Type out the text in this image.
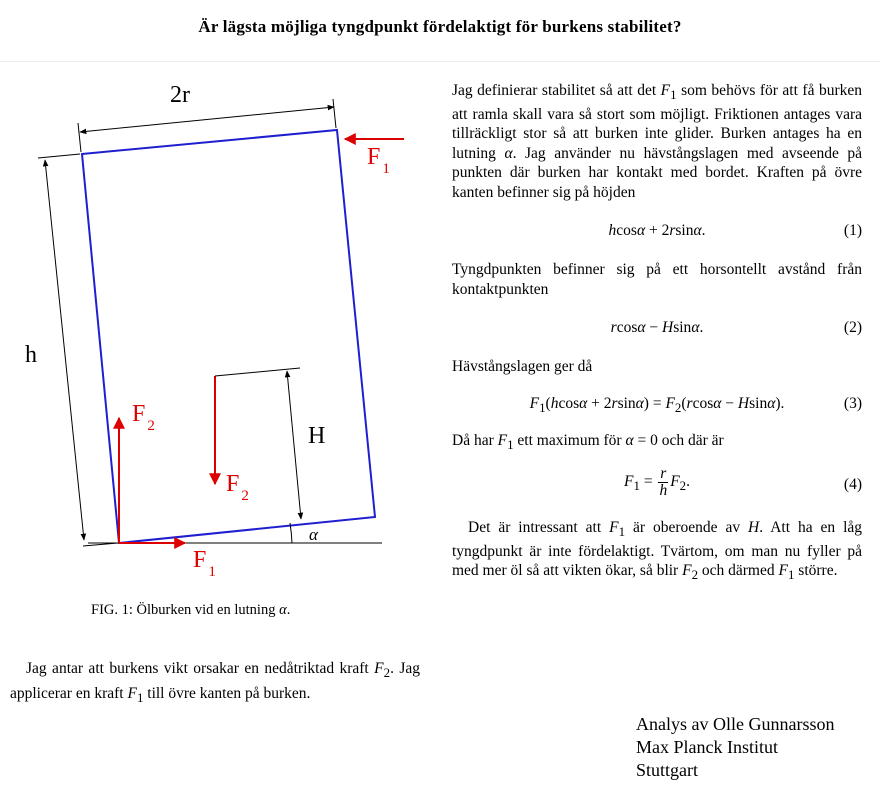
Är lägsta möjliga tyngdpunkt fördelaktigt för burkens stabilitet?
2r
h
F $_1$
F $_2$
F $_1$
F $_2$
H
α
FIG. 1: Ölburken vid en lutning α.

Jag antar att burkens vikt orsakar en nedåtriktad kraft $F_2$. Jag applicerar en kraft $F_1$ till övre kanten på burken.

Jag definierar stabilitet så att $\det F_1$ som behövs för att få burken att ramla skall vara så stort som möjligt. Friktionen antages vara tillräckligt stor så att burken inte glider. Burken antages ha en lutning α. Jag använder nu hävstångslagen med avseende på punkten där burken har kontakt med bordet. Kraften på övre kanten befinner sig på höjden

hcosα + 2rsinα.	(1)

Tyngdpunkten befinner sig på ett horsontellt avstånd från kontaktpunkten

rcosα − Hsinα.	(2)

Hävstångslagen ger då

$F_1(hcos\alpha + 2rsin\alpha) = F_2(rcos\alpha - Hsin\alpha)$.	(3)

Då har $F_1$ ett maximum för α = 0 och där är

$F_1 = \frac{r}{h} F_2$.	(4)

Det är intressant att $F_1$ är oberoende av H. Att ha en låg tyngdpunkt är inte fördelaktigt. Tvärtom, om man nu fyller på med mer öl så att vikten ökar, så blir $F_2$ och därmed $F_1$ större.

Analys av Olle Gunnarsson
Max Planck Institut
Stuttgart
